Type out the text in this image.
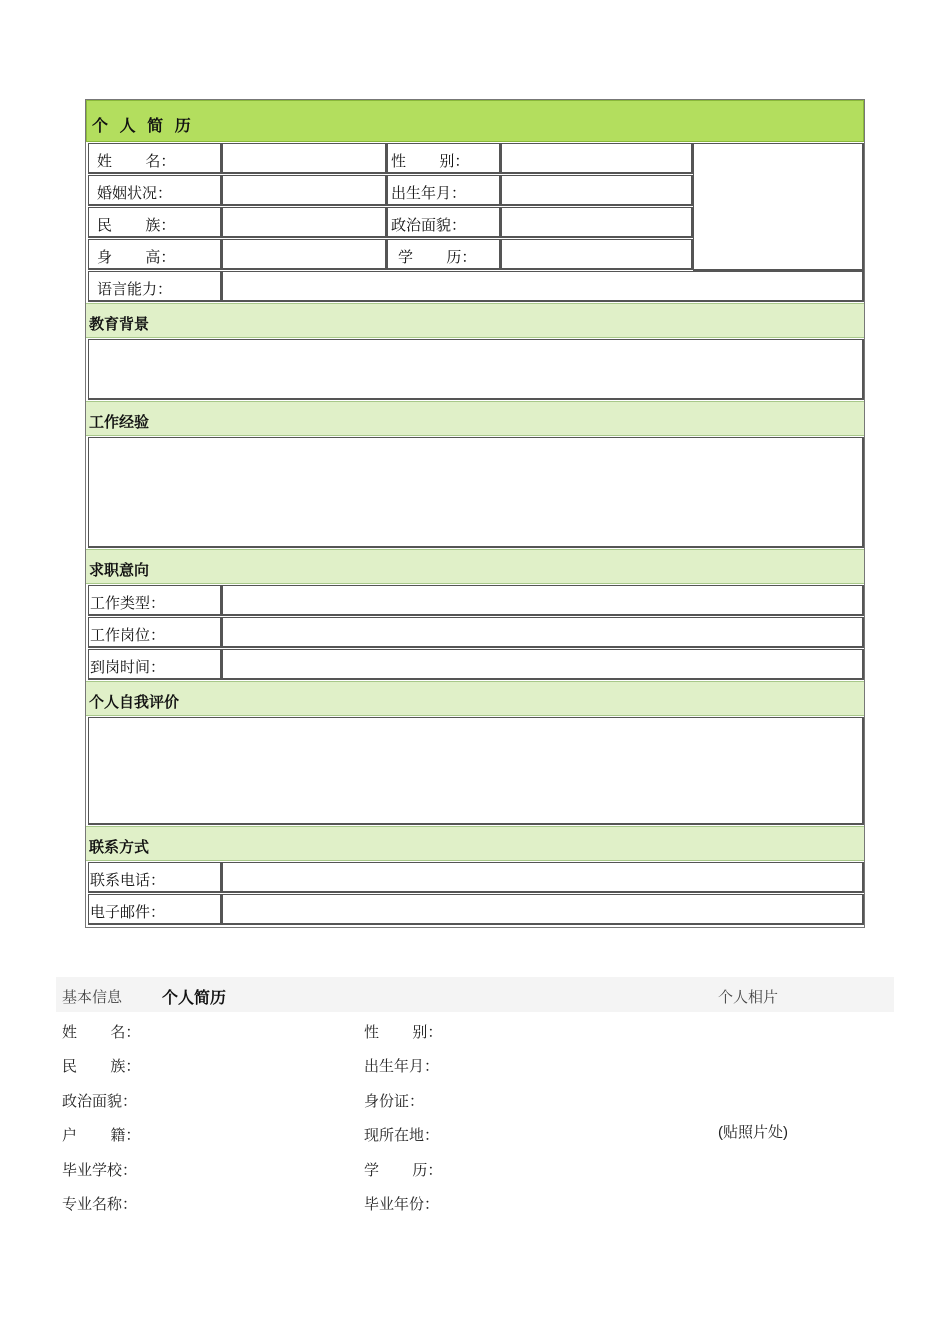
个 人 简 历
姓       名：	性       别：
婚姻状况：	出生年月：
民       族：	政治面貌：
身       高：	学       历：
语言能力：
教育背景
工作经验
求职意向
工作类型：
工作岗位：
到岗时间：
个人自我评价
联系方式
联系电话：
电子邮件：
基本信息 个人简历	个人相片
姓       名：	性       别：
民       族：	出生年月：
政治面貌：	身份证：
户       籍：	现所在地：	(贴照片处)
毕业学校：	学       历：
专业名称：	毕业年份：
